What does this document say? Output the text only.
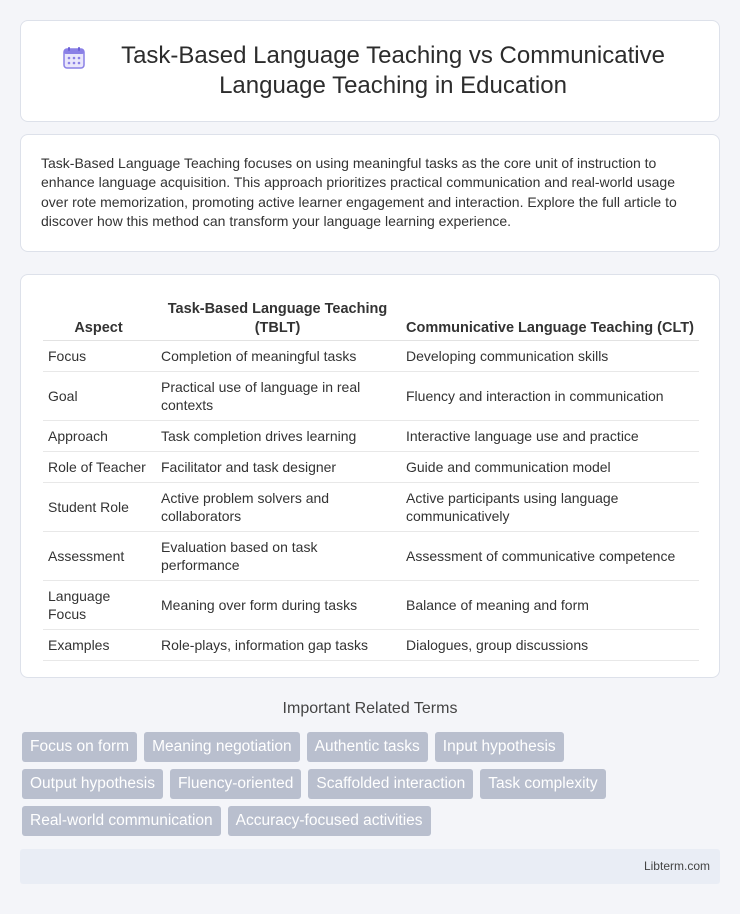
Task-Based Language Teaching vs Communicative Language Teaching in Education

Task-Based Language Teaching focuses on using meaningful tasks as the core unit of instruction to enhance language acquisition. This approach prioritizes practical communication and real-world usage over rote memorization, promoting active learner engagement and interaction. Explore the full article to discover how this method can transform your language learning experience.

Aspect	Task-Based Language Teaching (TBLT)	Communicative Language Teaching (CLT)
Focus	Completion of meaningful tasks	Developing communication skills
Goal	Practical use of language in real contexts	Fluency and interaction in communication
Approach	Task completion drives learning	Interactive language use and practice
Role of Teacher	Facilitator and task designer	Guide and communication model
Student Role	Active problem solvers and collaborators	Active participants using language communicatively
Assessment	Evaluation based on task performance	Assessment of communicative competence
Language Focus	Meaning over form during tasks	Balance of meaning and form
Examples	Role-plays, information gap tasks	Dialogues, group discussions
Important Related Terms
Focus on form	Meaning negotiation	Authentic tasks	Input hypothesis
Output hypothesis	Fluency-oriented	Scaffolded interaction	Task complexity
Real-world communication	Accuracy-focused activities
Libterm.com
